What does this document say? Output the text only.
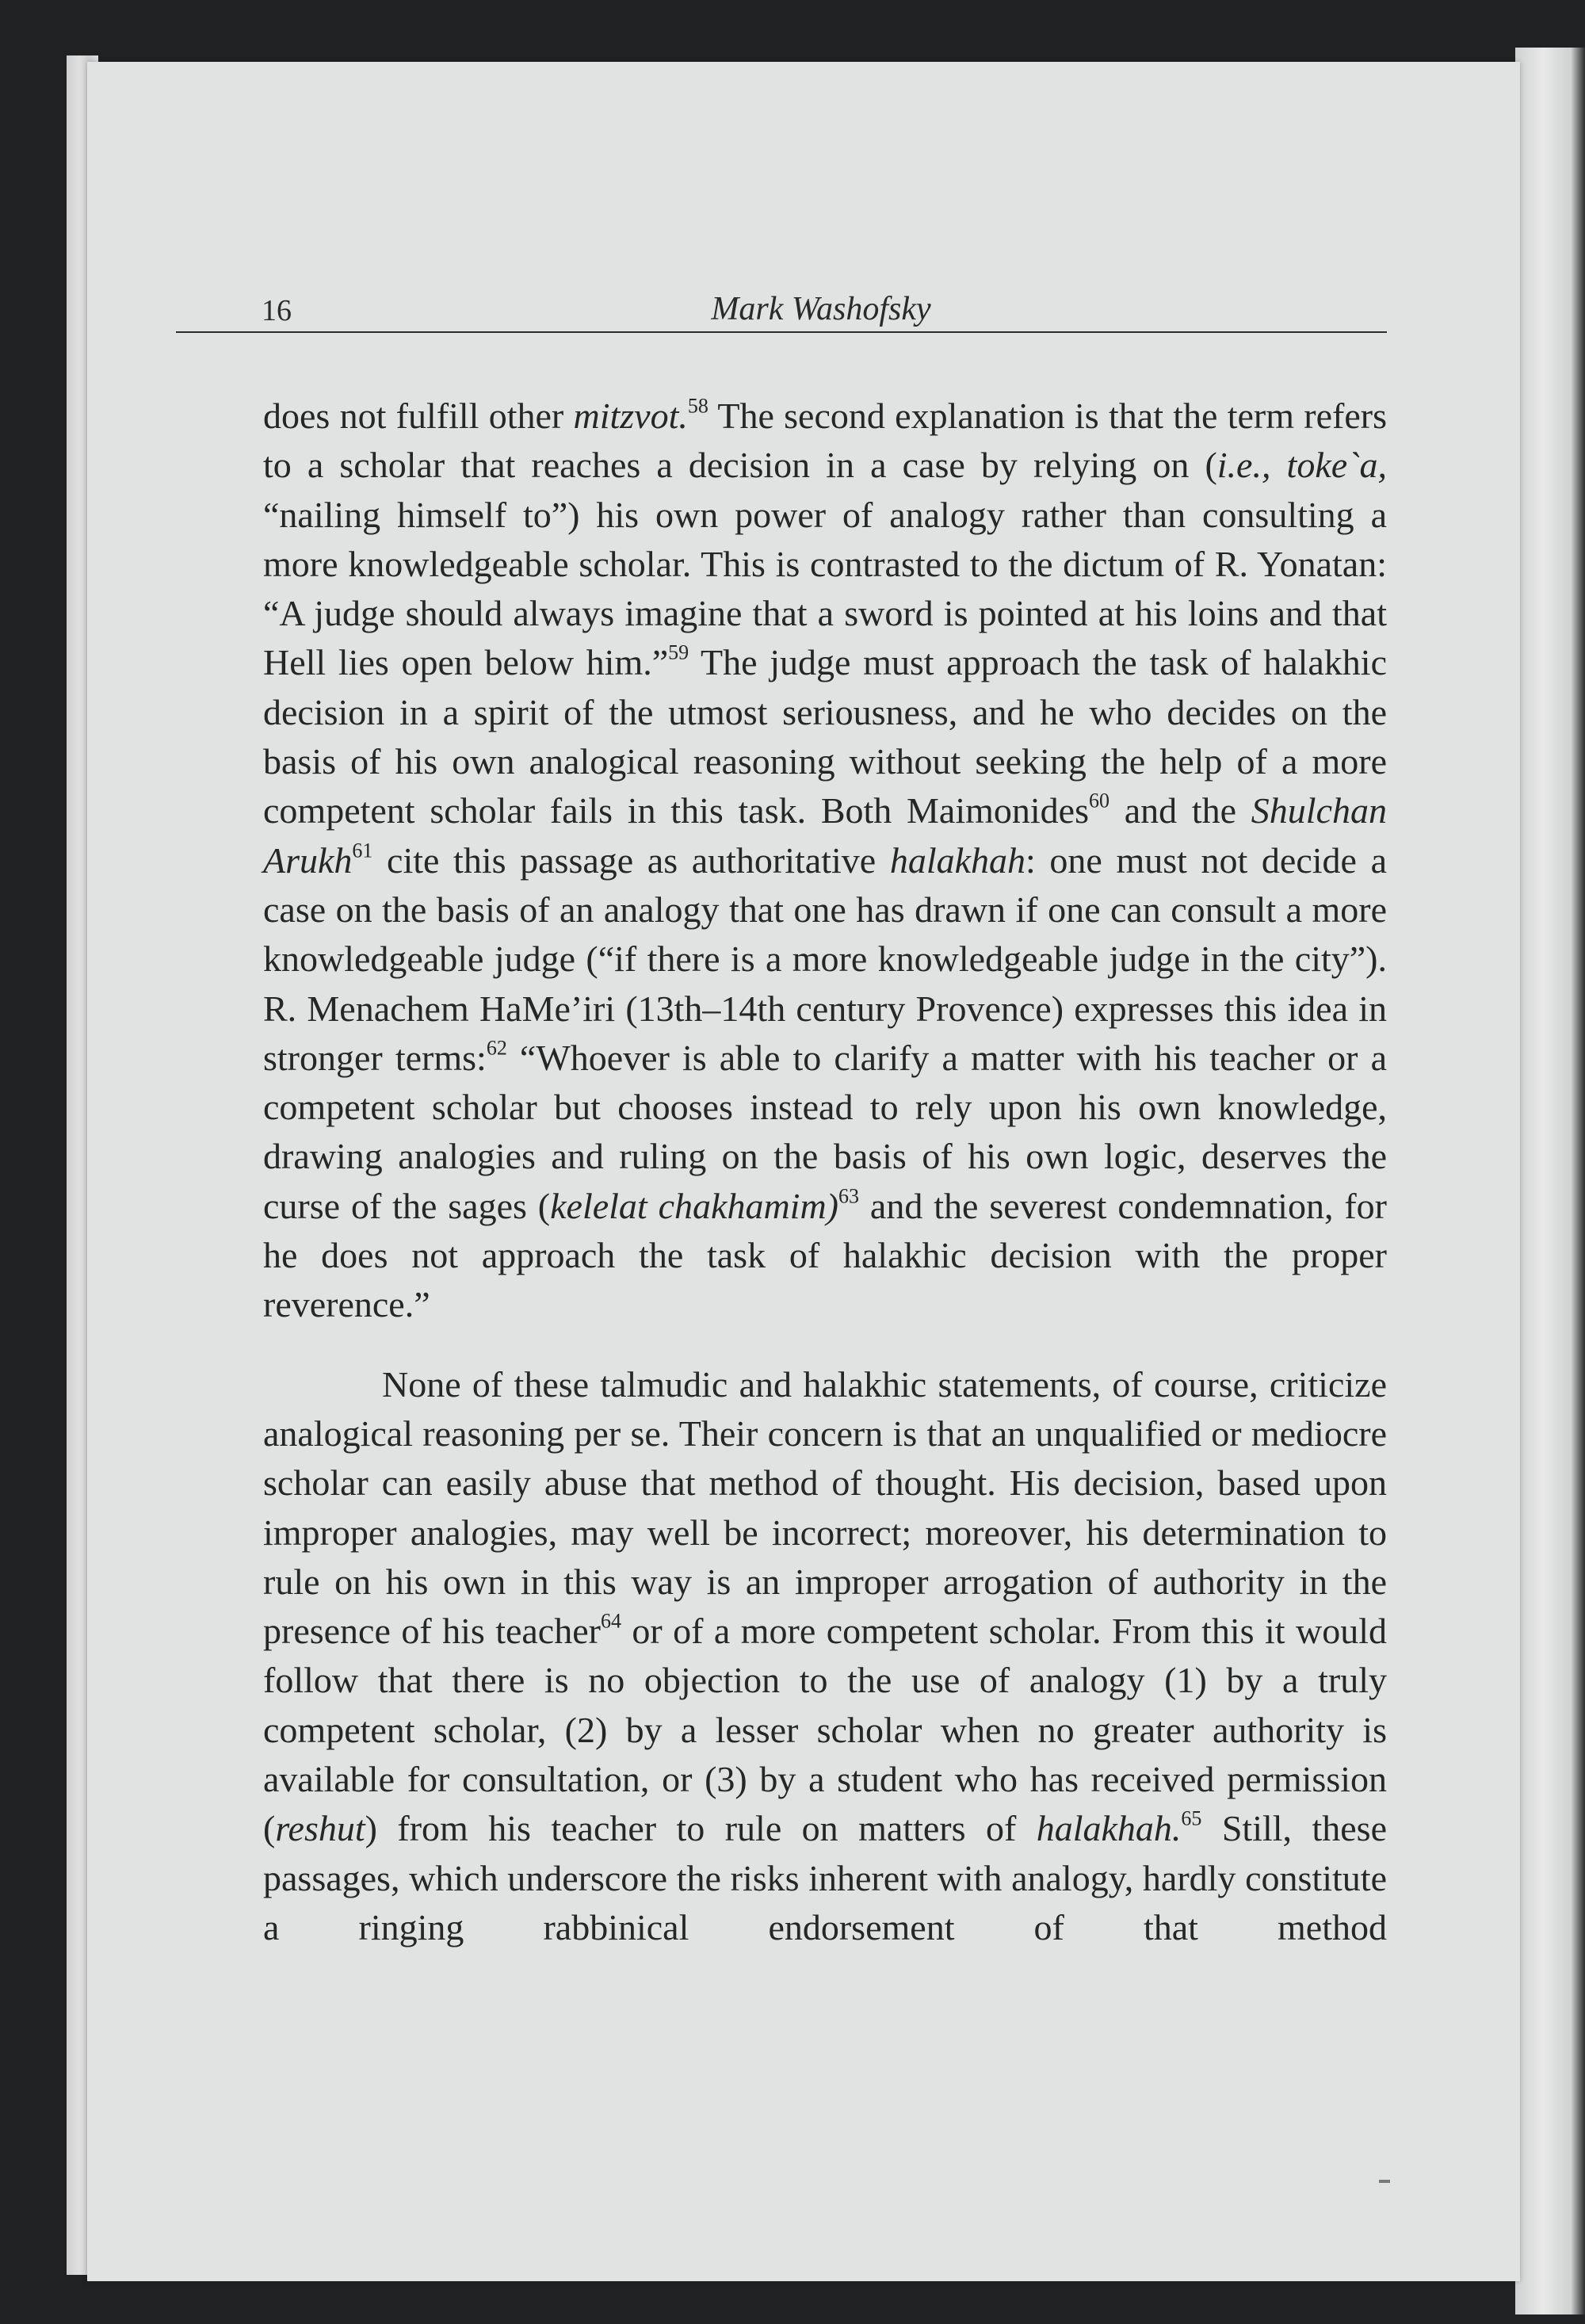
16	Mark Washofsky

does not fulfill other mitzvot.$^{58}$ The second explanation is that the term refers to a scholar that reaches a decision in a case by relying on (i.e., toke`a, “nailing himself to”) his own power of analogy rather than consulting a more knowledgeable scholar. This is contrasted to the dictum of R. Yonatan: “A judge should always imagine that a sword is pointed at his loins and that Hell lies open below him.”$^{59}$ The judge must approach the task of halakhic decision in a spirit of the utmost seriousness, and he who decides on the basis of his own analogical reasoning without seeking the help of a more competent scholar fails in this task. Both Maimonides$^{60}$ and the Shulchan Arukh$^{61}$ cite this passage as authoritative halakhah: one must not decide a case on the basis of an analogy that one has drawn if one can consult a more knowledgeable judge (“if there is a more knowledgeable judge in the city”). R. Menachem HaMe’iri (13th–14th century Provence) expresses this idea in stronger terms:$^{62}$ “Whoever is able to clarify a matter with his teacher or a competent scholar but chooses instead to rely upon his own knowledge, drawing analogies and ruling on the basis of his own logic, deserves the curse of the sages (kelelat chakhamim)$^{63}$ and the severest condemnation, for he does not approach the task of halakhic decision with the proper reverence.”

None of these talmudic and halakhic statements, of course, criticize analogical reasoning per se. Their concern is that an unqualified or mediocre scholar can easily abuse that method of thought. His decision, based upon improper analogies, may well be incorrect; moreover, his determination to rule on his own in this way is an improper arrogation of authority in the presence of his teacher$^{64}$ or of a more competent scholar. From this it would follow that there is no objection to the use of analogy (1) by a truly competent scholar, (2) by a lesser scholar when no greater authority is available for consultation, or (3) by a student who has received permission (reshut) from his teacher to rule on matters of halakhah.$^{65}$ Still, these passages, which underscore the risks inherent with analogy, hardly constitute a ringing rabbinical endorsement of that method
